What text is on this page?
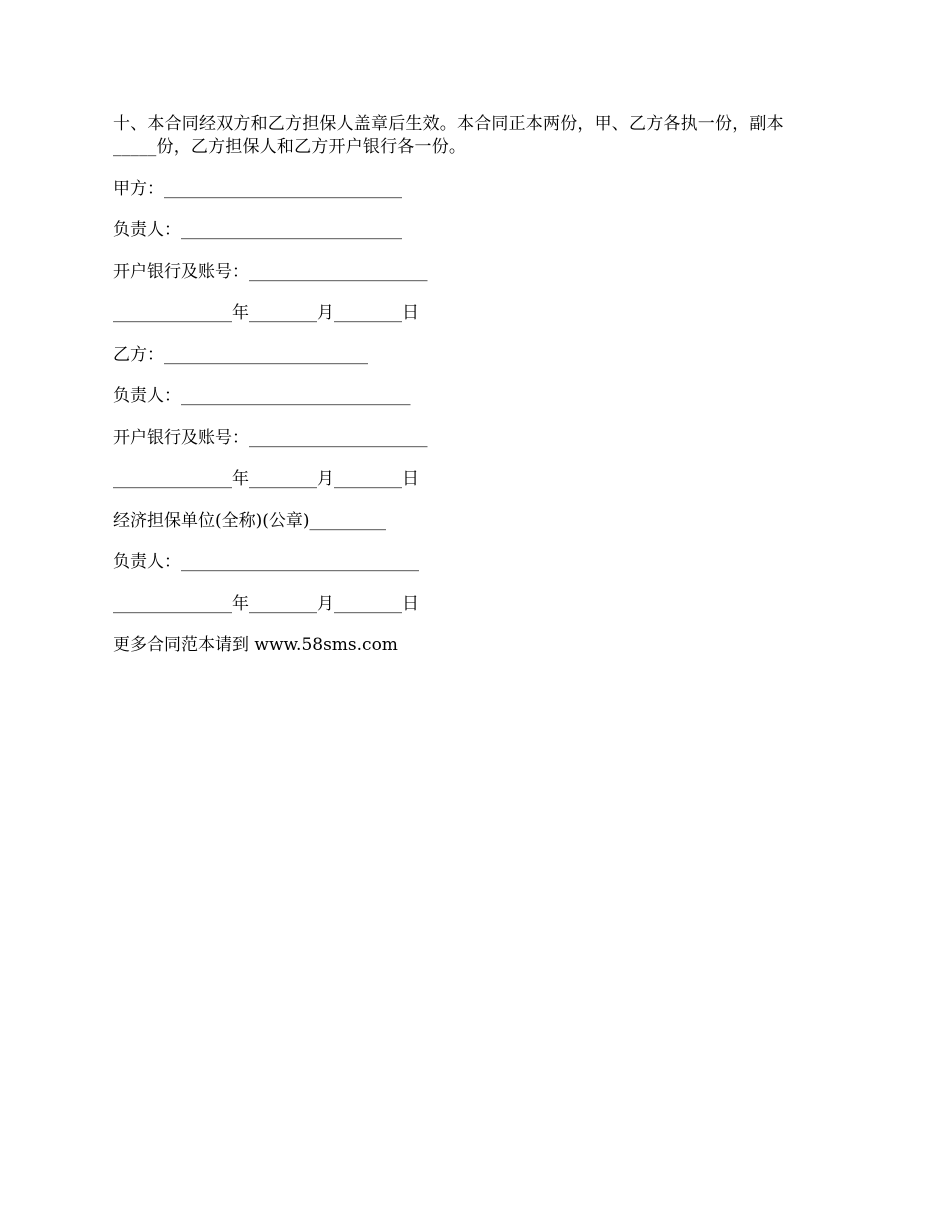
十、本合同经双方和乙方担保人盖章后生效。本合同正本两份，甲、乙方各执一份，副本
_____份，乙方担保人和乙方开户银行各一份。

甲方：____________________________

负责人：__________________________

开户银行及账号：_____________________

______________年________月________日

乙方：________________________

负责人：___________________________

开户银行及账号：_____________________

______________年________月________日

经济担保单位(全称)(公章)_________

负责人：____________________________

______________年________月________日

更多合同范本请到 www.58sms.com
